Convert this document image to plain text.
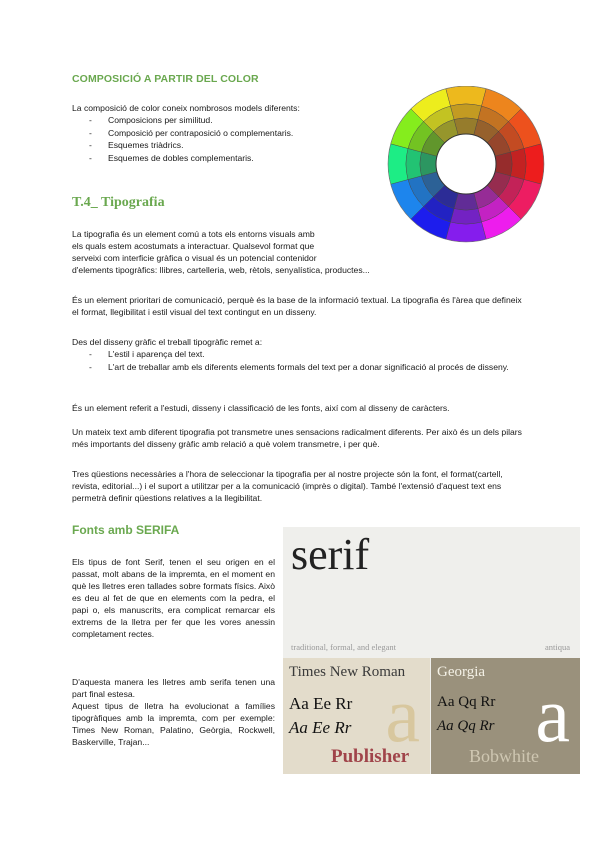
COMPOSICIÓ A PARTIR DEL COLOR
La composició de color coneix nombrosos models diferents:
- Composicions per similitud.
- Composició per contraposició o complementaris.
- Esquemes triàdrics.
- Esquemes de dobles complementaris.
T.4_ Tipografia
La tipografia és un element comú a tots els entorns visuals amb
els quals estem acostumats a interactuar. Qualsevol format que
serveixi com interficie gràfica o visual és un potencial contenidor
d'elements tipogràfics: llibres, cartelleria, web, rètols, senyalística, productes...
És un element prioritari de comunicació, perquè és la base de la informació textual. La tipografia és l'àrea que defineix el format, llegibilitat i estil visual del text contingut en un disseny.
Des del disseny gràfic el treball tipogràfic remet a:
- L'estil i aparença del text.
- L'art de treballar amb els diferents elements formals del text per a donar significació al procés de disseny.
És un element referit a l'estudi, disseny i classificació de les fonts, així com al disseny de caràcters.
Un mateix text amb diferent tipografia pot transmetre unes sensacions radicalment diferents. Per això és un dels pilars més importants del disseny gràfic amb relació a què volem transmetre, i per què.
Tres qüestions necessàries a l'hora de seleccionar la tipografia per al nostre projecte són la font, el format(cartell, revista, editorial...) i el suport a utilitzar per a la comunicació (imprès o digital). També l'extensió d'aquest text ens permetrà definir qüestions relatives a la llegibilitat.
Fonts amb SERIFA
Els tipus de font Serif, tenen el seu origen en el passat, molt abans de la impremta, en el moment en què les lletres eren tallades sobre formats físics. Això es deu al fet de que en elements com la pedra, el papi o, els manuscrits, era complicat remarcar els extrems de la lletra per fer que les vores anessin completament rectes.
D'aquesta manera les lletres amb serifa tenen una part final estesa.
Aquest tipus de lletra ha evolucionat a famílies tipogràfiques amb la impremta, com per exemple: Times New Roman, Palatino, Geòrgia, Rockwell, Baskerville, Trajan...
serif
traditional, formal, and elegant	antiqua
a
Times New Roman
Aa Ee Rr
Aa Ee Rr
Publisher a
Georgia
Aa Qq Rr
Aa Qq Rr
Bobwhite
